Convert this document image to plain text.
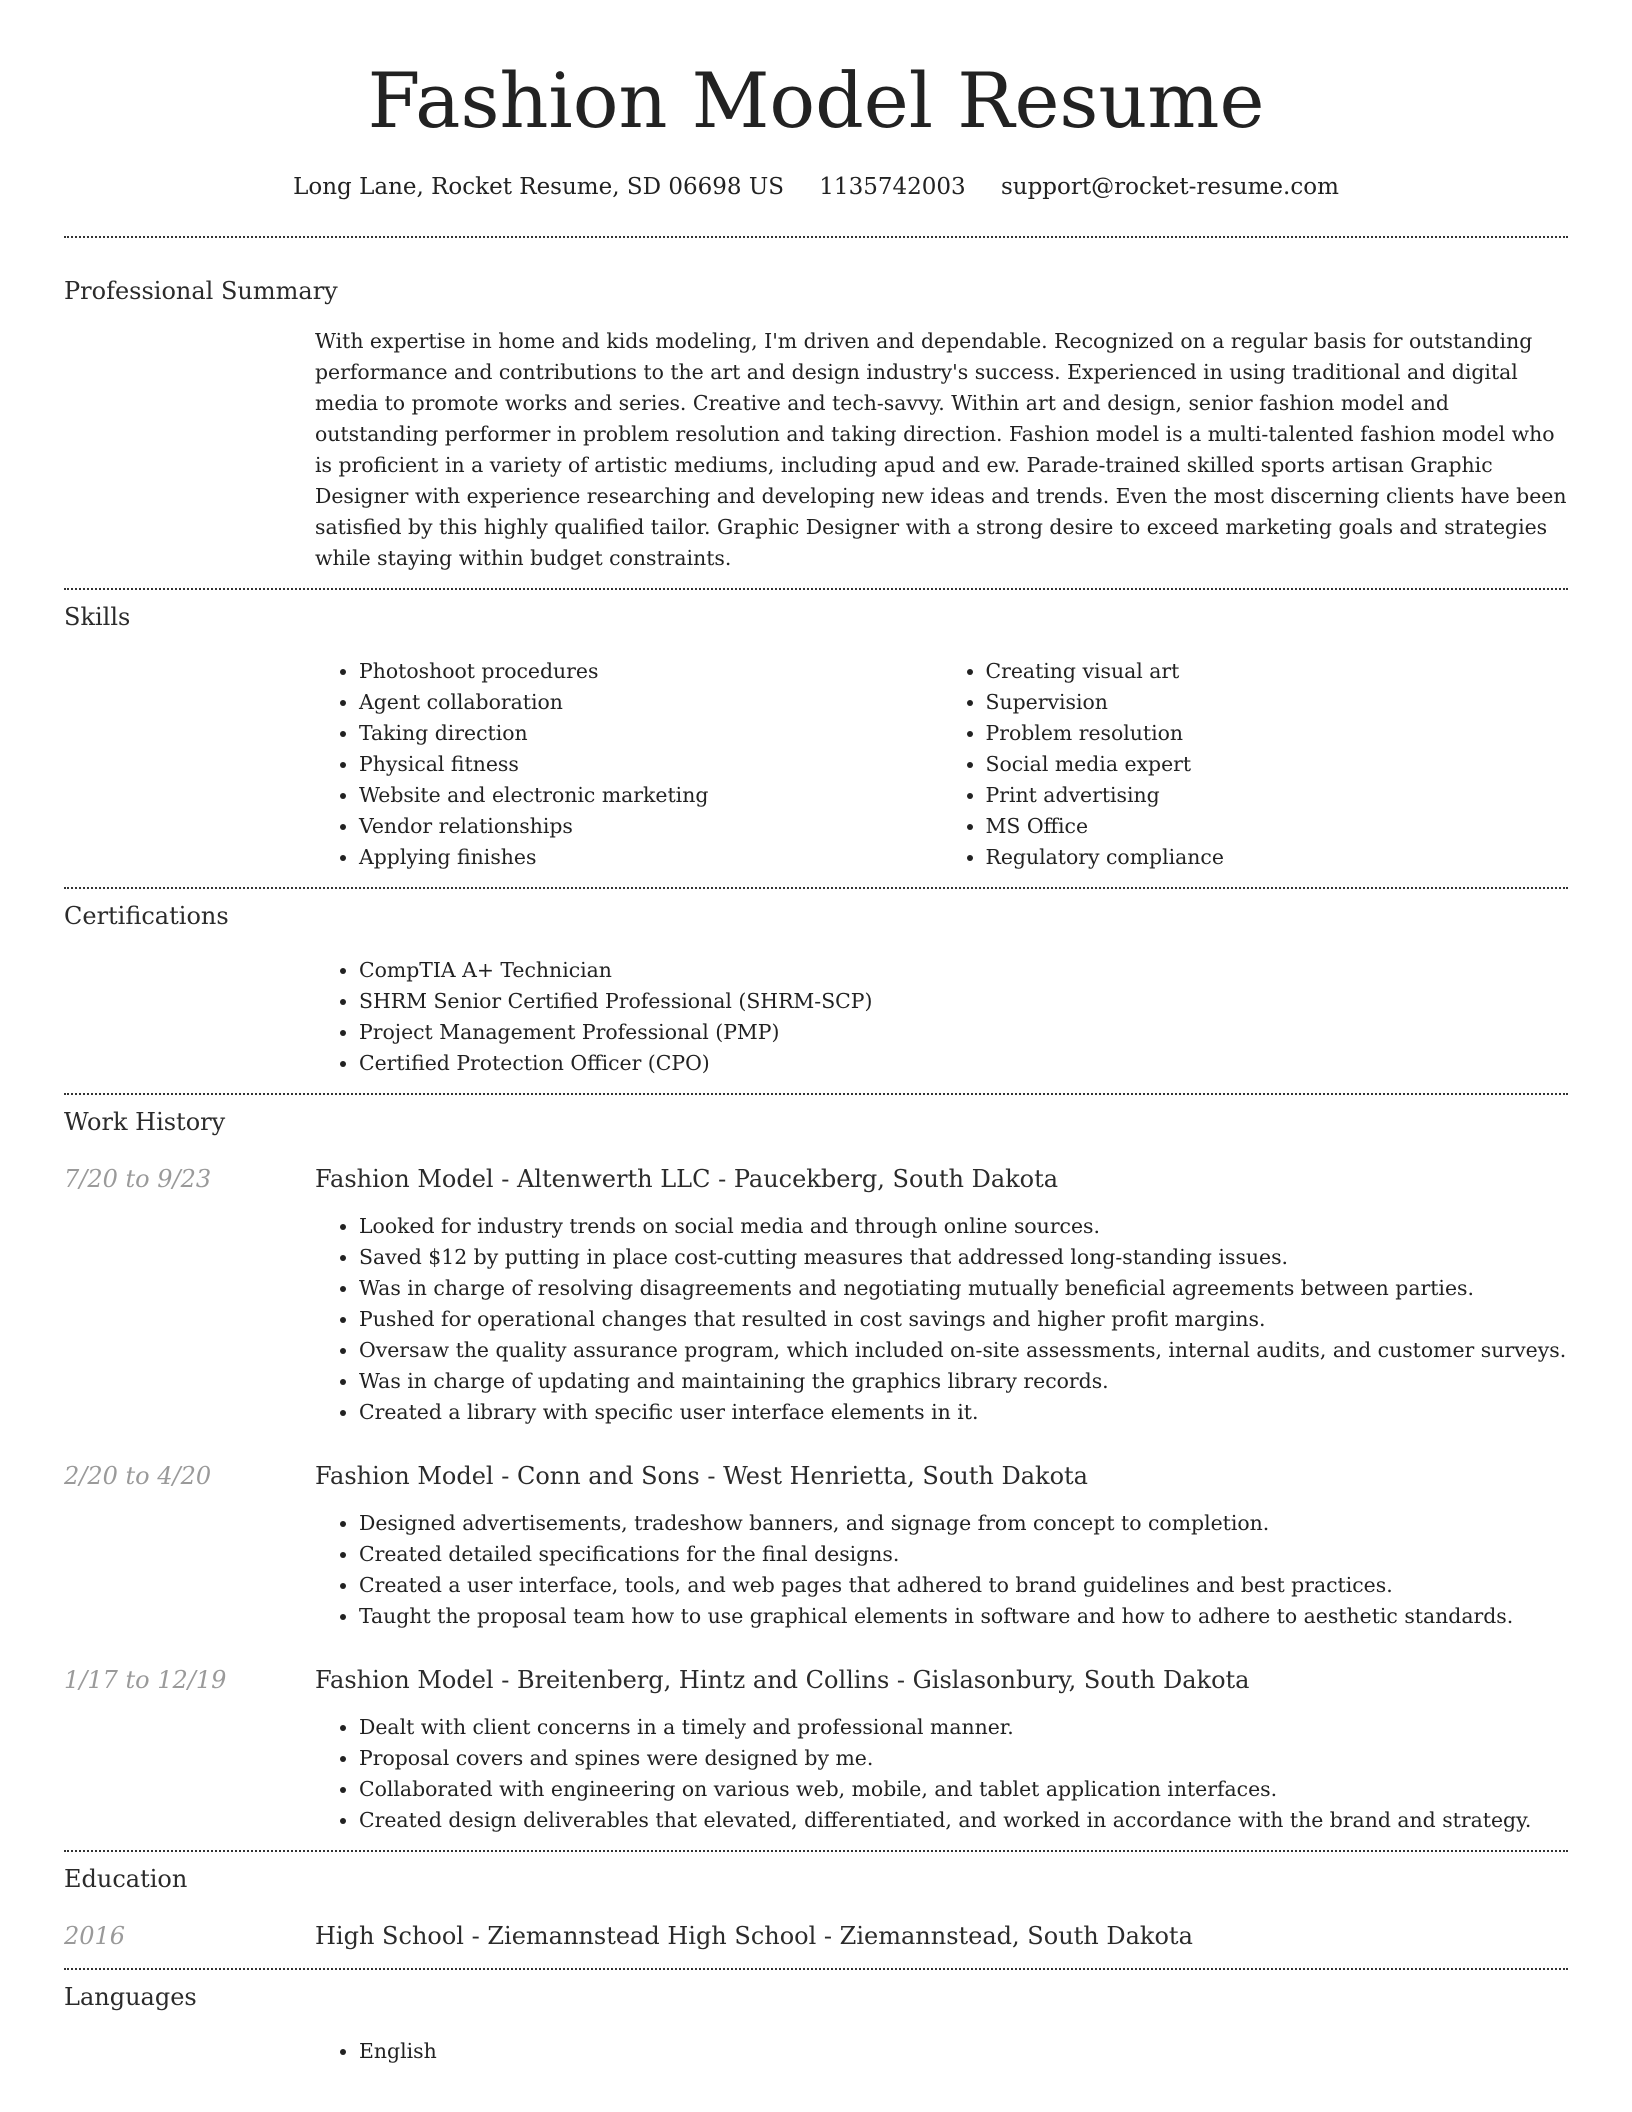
Fashion Model Resume
Long Lane, Rocket Resume, SD 06698 US 1135742003 support@rocket-resume.com
Professional Summary

With expertise in home and kids modeling, I'm driven and dependable. Recognized on a regular basis for outstanding performance and contributions to the art and design industry's success. Experienced in using traditional and digital media to promote works and series. Creative and tech-savvy. Within art and design, senior fashion model and outstanding performer in problem resolution and taking direction. Fashion model is a multi-talented fashion model who is proficient in a variety of artistic mediums, including apud and ew. Parade-trained skilled sports artisan Graphic Designer with experience researching and developing new ideas and trends. Even the most discerning clients have been satisfied by this highly qualified tailor. Graphic Designer with a strong desire to exceed marketing goals and strategies while staying within budget constraints.

Skills
• Photoshoot procedures
• Agent collaboration
• Taking direction
• Physical fitness
• Website and electronic marketing
• Vendor relationships
• Applying finishes
• Creating visual art
• Supervision
• Problem resolution
• Social media expert
• Print advertising
• MS Office
• Regulatory compliance
Certifications
• CompTIA A+ Technician
• SHRM Senior Certified Professional (SHRM-SCP)
• Project Management Professional (PMP)
• Certified Protection Officer (CPO)
Work History
7/20 to 9/23	Fashion Model - Altenwerth LLC - Paucekberg, South Dakota
• Looked for industry trends on social media and through online sources.
• Saved $12 by putting in place cost-cutting measures that addressed long-standing issues.
• Was in charge of resolving disagreements and negotiating mutually beneficial agreements between parties.
• Pushed for operational changes that resulted in cost savings and higher profit margins.
• Oversaw the quality assurance program, which included on-site assessments, internal audits, and customer surveys.
• Was in charge of updating and maintaining the graphics library records.
• Created a library with specific user interface elements in it.
2/20 to 4/20	Fashion Model - Conn and Sons - West Henrietta, South Dakota
• Designed advertisements, tradeshow banners, and signage from concept to completion.
• Created detailed specifications for the final designs.
• Created a user interface, tools, and web pages that adhered to brand guidelines and best practices.
• Taught the proposal team how to use graphical elements in software and how to adhere to aesthetic standards.
1/17 to 12/19	Fashion Model - Breitenberg, Hintz and Collins - Gislasonbury, South Dakota
• Dealt with client concerns in a timely and professional manner.
• Proposal covers and spines were designed by me.
• Collaborated with engineering on various web, mobile, and tablet application interfaces.
• Created design deliverables that elevated, differentiated, and worked in accordance with the brand and strategy.
Education
2016	High School - Ziemannstead High School - Ziemannstead, South Dakota
Languages
• English
